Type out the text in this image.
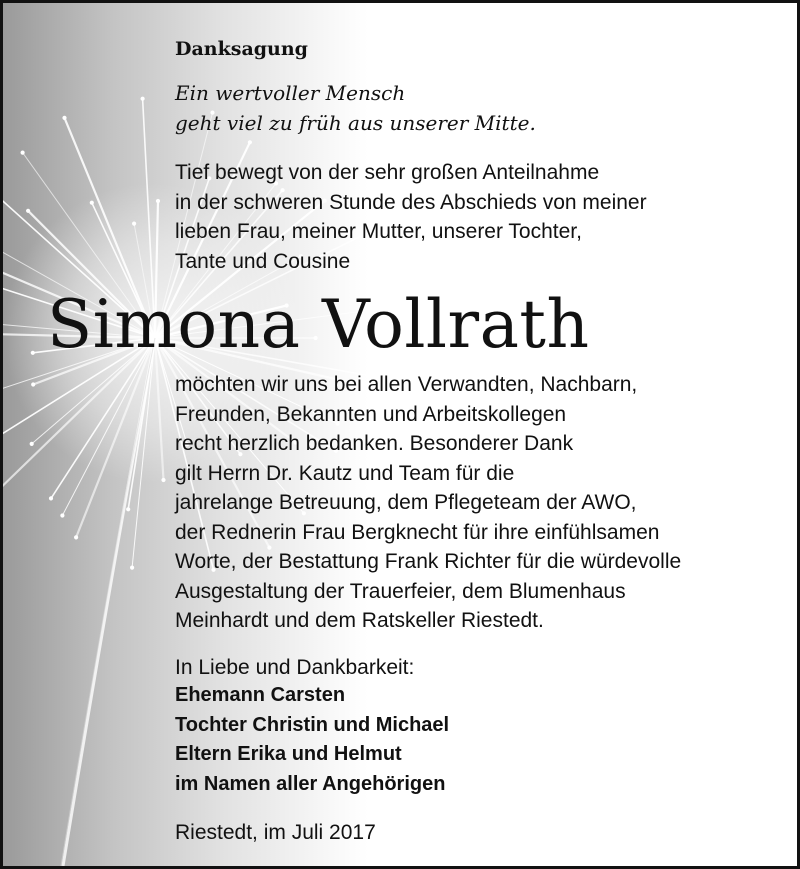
Danksagung
Ein wertvoller Mensch
geht viel zu früh aus unserer Mitte.
Tief bewegt von der sehr großen Anteilnahme
in der schweren Stunde des Abschieds von meiner
lieben Frau, meiner Mutter, unserer Tochter,
Tante und Cousine
Simona Vollrath
möchten wir uns bei allen Verwandten, Nachbarn,
Freunden, Bekannten und Arbeitskollegen
recht herzlich bedanken. Besonderer Dank
gilt Herrn Dr. Kautz und Team für die
jahrelange Betreuung, dem Pflegeteam der AWO,
der Rednerin Frau Bergknecht für ihre einfühlsamen
Worte, der Bestattung Frank Richter für die würdevolle
Ausgestaltung der Trauerfeier, dem Blumenhaus
Meinhardt und dem Ratskeller Riestedt.
In Liebe und Dankbarkeit:
Ehemann Carsten
Tochter Christin und Michael
Eltern Erika und Helmut
im Namen aller Angehörigen
Riestedt, im Juli 2017
